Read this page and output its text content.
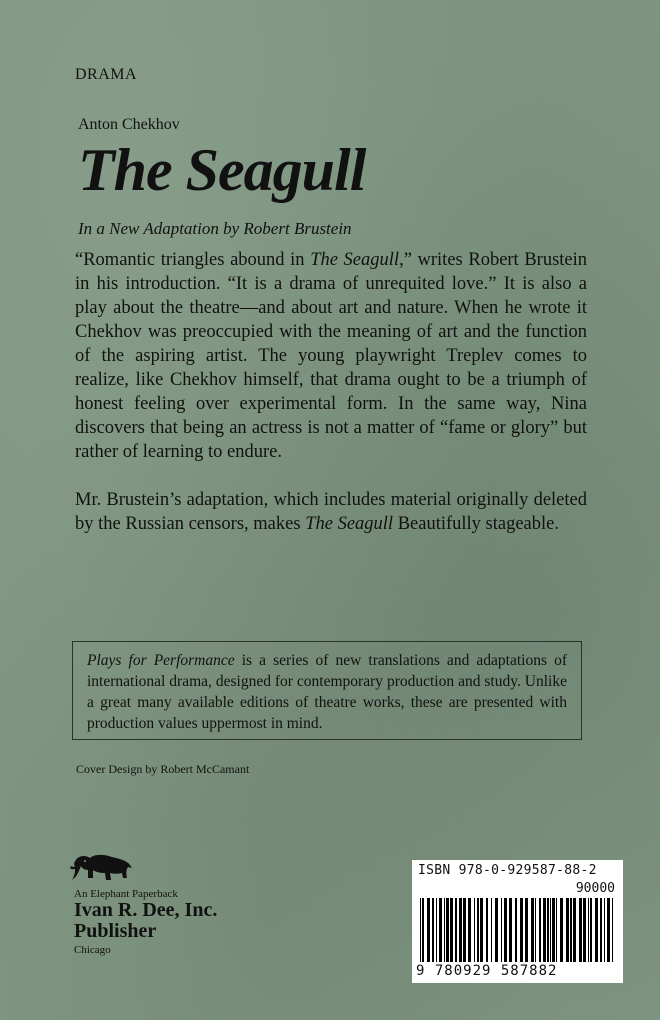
DRAMA
Anton Chekhov
The Seagull
In a New Adaptation by Robert Brustein
“Romantic triangles abound in The Seagull,” writes Robert Brustein in his introduction. “It is a drama of unrequited love.” It is also a play about the theatre—and about art and nature. When he wrote it Chekhov was preoccupied with the meaning of art and the function of the aspiring artist. The young playwright Treplev comes to realize, like Chekhov himself, that drama ought to be a triumph of honest feeling over experimental form. In the same way, Nina discovers that being an actress is not a matter of “fame or glory” but rather of learning to endure.
Mr. Brustein’s adaptation, which includes material originally deleted by the Russian censors, makes The Seagull Beautifully stageable.
Plays for Performance is a series of new translations and adaptations of international drama, designed for contemporary production and study. Unlike a great many available editions of theatre works, these are presented with production values uppermost in mind.
Cover Design by Robert McCamant
An Elephant Paperback
Ivan R. Dee, Inc.
Publisher
Chicago
ISBN 978-0-929587-88-2
90000
9 780929 587882
